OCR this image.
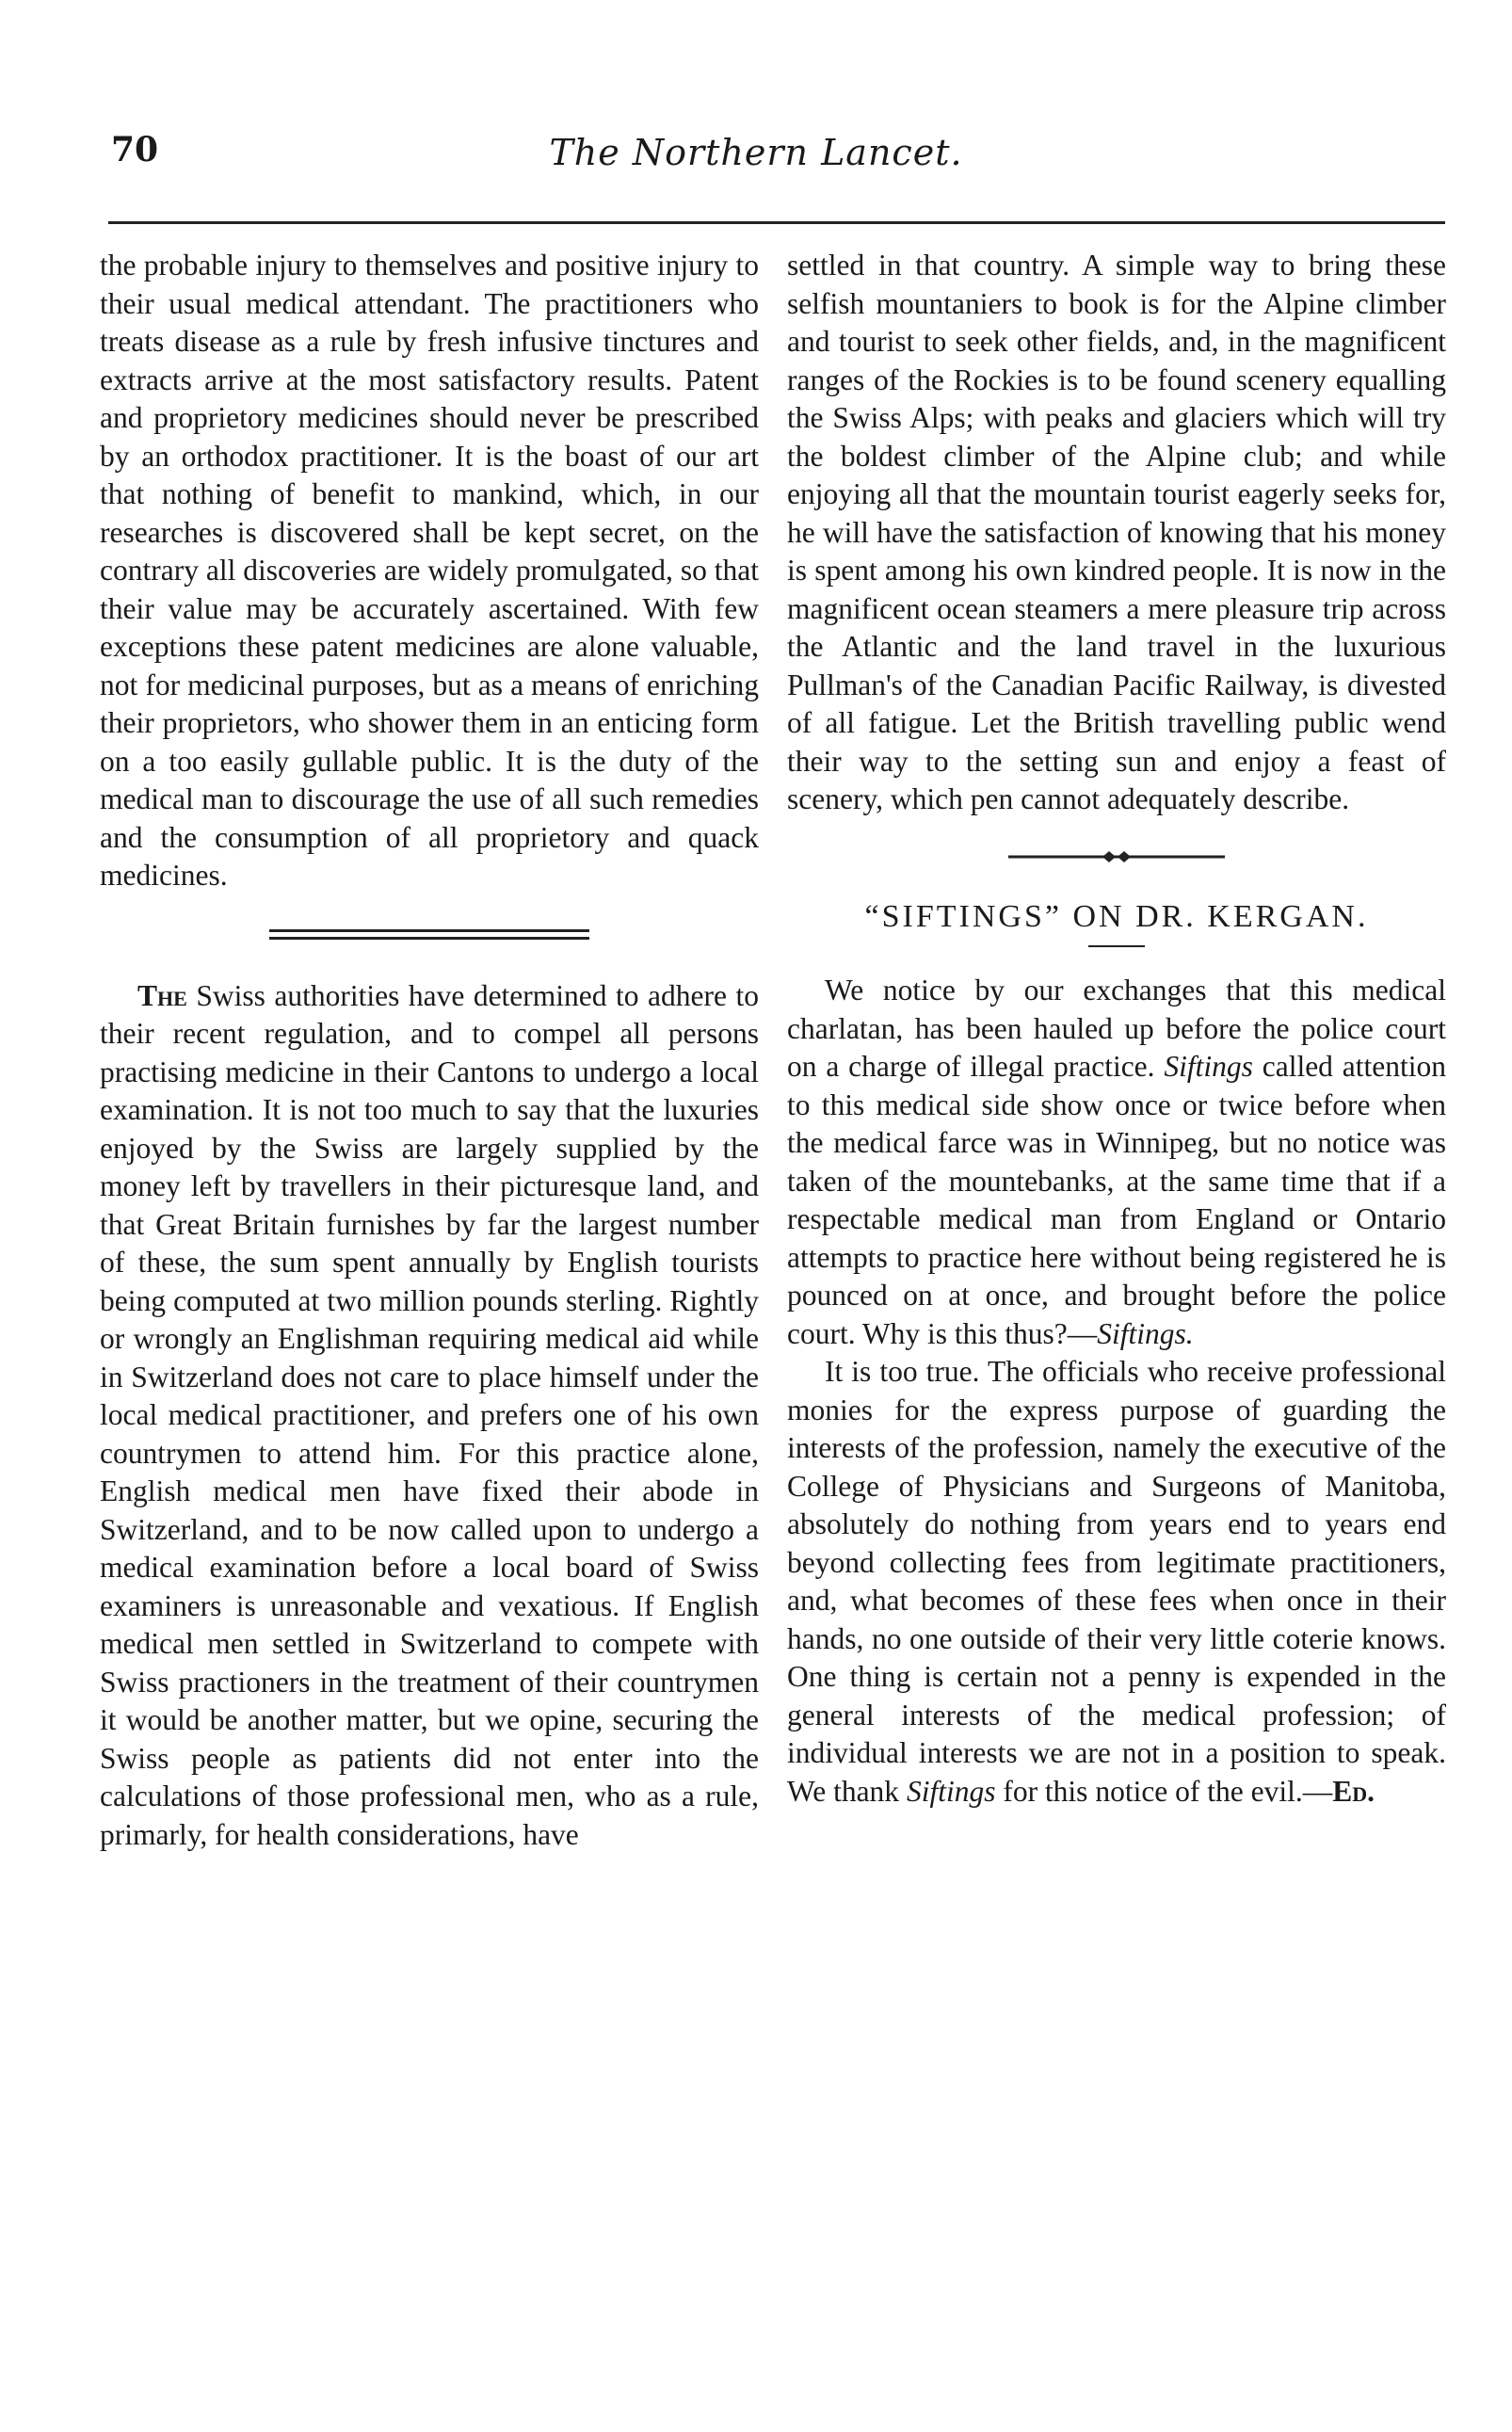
70	The Northern Lancet.

the probable injury to themselves and positive injury to their usual medical attendant. The practitioners who treats disease as a rule by fresh infusive tinctures and extracts arrive at the most satisfactory results. Patent and proprietory medicines should never be prescribed by an orthodox practitioner. It is the boast of our art that nothing of benefit to mankind, which, in our researches is discovered shall be kept secret, on the contrary all discoveries are widely promulgated, so that their value may be accurately ascertained. With few exceptions these patent medicines are alone valuable, not for medicinal purposes, but as a means of enriching their proprietors, who shower them in an enticing form on a too easily gullable public. It is the duty of the medical man to discourage the use of all such remedies and the consumption of all proprietory and quack medicines.

The Swiss authorities have determined to adhere to their recent regulation, and to compel all persons practising medicine in their Cantons to undergo a local examination. It is not too much to say that the luxuries enjoyed by the Swiss are largely supplied by the money left by travellers in their picturesque land, and that Great Britain furnishes by far the largest number of these, the sum spent annually by English tourists being computed at two million pounds sterling. Rightly or wrongly an Englishman requiring medical aid while in Switzerland does not care to place himself under the local medical practitioner, and prefers one of his own countrymen to attend him. For this practice alone, English medical men have fixed their abode in Switzerland, and to be now called upon to undergo a medical examination before a local board of Swiss examiners is unreasonable and vexatious. If English medical men settled in Switzerland to compete with Swiss practioners in the treatment of their countrymen it would be another matter, but we opine, securing the Swiss people as patients did not enter into the calculations of those professional men, who as a rule, primarly, for health considerations, have

settled in that country. A simple way to bring these selfish mountaniers to book is for the Alpine climber and tourist to seek other fields, and, in the magnificent ranges of the Rockies is to be found scenery equalling the Swiss Alps; with peaks and glaciers which will try the boldest climber of the Alpine club; and while enjoying all that the mountain tourist eagerly seeks for, he will have the satisfaction of knowing that his money is spent among his own kindred people. It is now in the magnificent ocean steamers a mere pleasure trip across the Atlantic and the land travel in the luxurious Pullman's of the Canadian Pacific Railway, is divested of all fatigue. Let the British travelling public wend their way to the setting sun and enjoy a feast of scenery, which pen cannot adequately describe.

“SIFTINGS” ON DR. KERGAN.

We notice by our exchanges that this medical charlatan, has been hauled up before the police court on a charge of illegal practice. Siftings called attention to this medical side show once or twice before when the medical farce was in Winnipeg, but no notice was taken of the mountebanks, at the same time that if a respectable medical man from England or Ontario attempts to practice here without being registered he is pounced on at once, and brought before the police court. Why is this thus?—Siftings.

It is too true. The officials who receive professional monies for the express purpose of guarding the interests of the profession, namely the executive of the College of Physicians and Surgeons of Manitoba, absolutely do nothing from years end to years end beyond collecting fees from legitimate practitioners, and, what becomes of these fees when once in their hands, no one outside of their very little coterie knows. One thing is certain not a penny is expended in the general interests of the medical profession; of individual interests we are not in a position to speak. We thank Siftings for this notice of the evil.—Ed.
